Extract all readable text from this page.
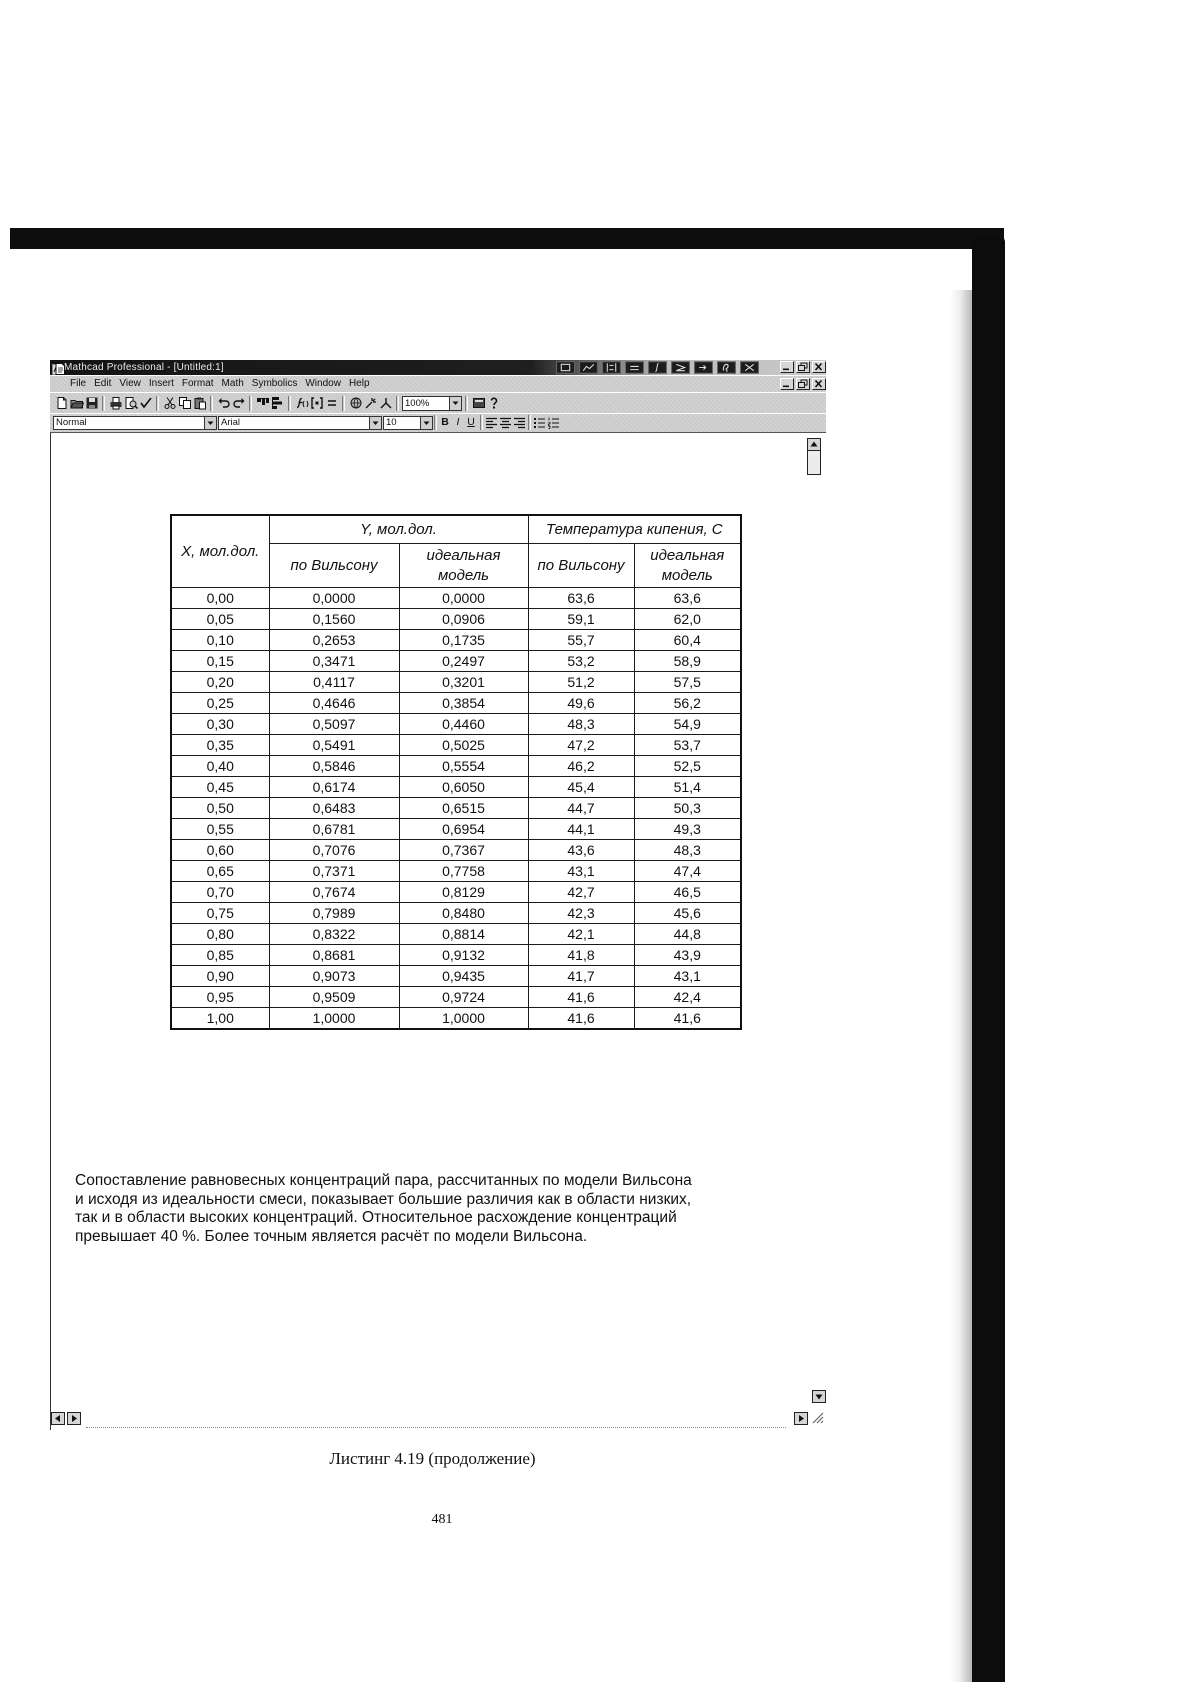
Mathcad Professional - [Untitled:1]
File Edit View Insert Format Math Symbolics Window Help
100%
Normal	Arial	10	B I U
X, мол.дол.	Y, мол.дол.		Температура кипения, С	
	по Вильсону	идеальная модель	по Вильсону	идеальная модель
0,00	0,0000	0,0000	63,6	63,6
0,05	0,1560	0,0906	59,1	62,0
0,10	0,2653	0,1735	55,7	60,4
0,15	0,3471	0,2497	53,2	58,9
0,20	0,4117	0,3201	51,2	57,5
0,25	0,4646	0,3854	49,6	56,2
0,30	0,5097	0,4460	48,3	54,9
0,35	0,5491	0,5025	47,2	53,7
0,40	0,5846	0,5554	46,2	52,5
0,45	0,6174	0,6050	45,4	51,4
0,50	0,6483	0,6515	44,7	50,3
0,55	0,6781	0,6954	44,1	49,3
0,60	0,7076	0,7367	43,6	48,3
0,65	0,7371	0,7758	43,1	47,4
0,70	0,7674	0,8129	42,7	46,5
0,75	0,7989	0,8480	42,3	45,6
0,80	0,8322	0,8814	42,1	44,8
0,85	0,8681	0,9132	41,8	43,9
0,90	0,9073	0,9435	41,7	43,1
0,95	0,9509	0,9724	41,6	42,4
1,00	1,0000	1,0000	41,6	41,6
Сопоставление равновесных концентраций пара, рассчитанных по модели Вильсона
и исходя из идеальности смеси, показывает большие различия как в области низких,
так и в области высоких концентраций. Относительное расхождение концентраций
превышает 40 %. Более точным является расчёт по модели Вильсона.
Листинг 4.19 (продолжение)
481
